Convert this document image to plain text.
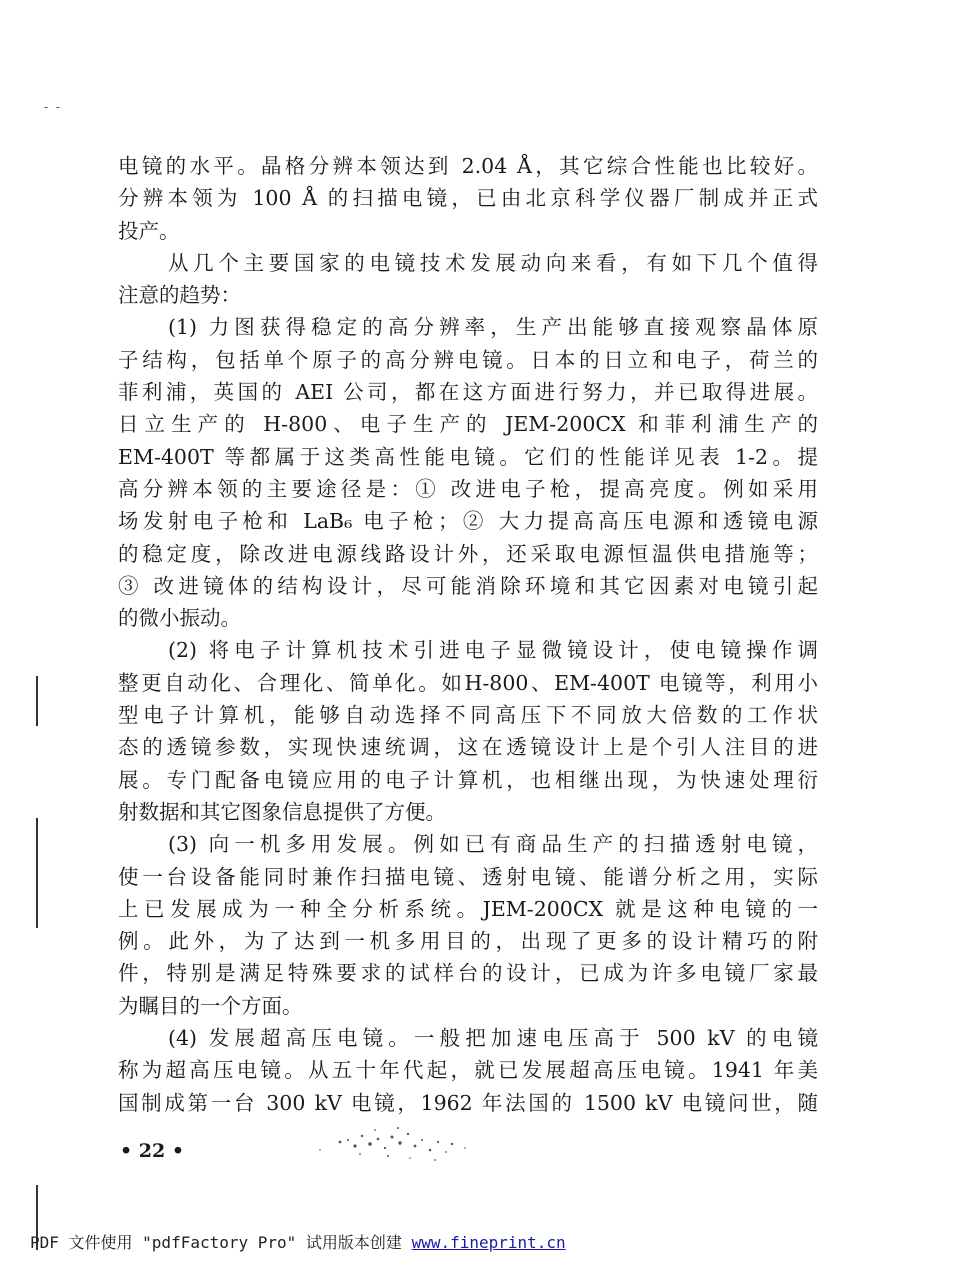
- -
电镜的水平。晶格分辨本领达到 2.04 Å，其它综合性能也比较好。
分辨本领为 100 Å 的扫描电镜，已由北京科学仪器厂制成并正式
投产。
从几个主要国家的电镜技术发展动向来看，有如下几个值得
注意的趋势：
(1) 力图获得稳定的高分辨率，生产出能够直接观察晶体原
子结构，包括单个原子的高分辨电镜。日本的日立和电子，荷兰的
菲利浦，英国的 AEI 公司，都在这方面进行努力，并已取得进展。
日立生产的 H-800、电子生产的 JEM-200CX 和菲利浦生产的
EM-400T 等都属于这类高性能电镜。它们的性能详见表 1-2。提
高分辨本领的主要途径是：① 改进电子枪，提高亮度。例如采用
场发射电子枪和 LaB₆ 电子枪；② 大力提高高压电源和透镜电源
的稳定度，除改进电源线路设计外，还采取电源恒温供电措施等；
③ 改进镜体的结构设计，尽可能消除环境和其它因素对电镜引起
的微小振动。
(2) 将电子计算机技术引进电子显微镜设计，使电镜操作调
整更自动化、合理化、简单化。如H-800、EM-400T 电镜等，利用小
型电子计算机，能够自动选择不同高压下不同放大倍数的工作状
态的透镜参数，实现快速统调，这在透镜设计上是个引人注目的进
展。专门配备电镜应用的电子计算机，也相继出现，为快速处理衍
射数据和其它图象信息提供了方便。
(3) 向一机多用发展。例如已有商品生产的扫描透射电镜，
使一台设备能同时兼作扫描电镜、透射电镜、能谱分析之用，实际
上已发展成为一种全分析系统。JEM-200CX 就是这种电镜的一
例。此外，为了达到一机多用目的，出现了更多的设计精巧的附
件，特别是满足特殊要求的试样台的设计，已成为许多电镜厂家最
为瞩目的一个方面。
(4) 发展超高压电镜。一般把加速电压高于 500 kV 的电镜
称为超高压电镜。从五十年代起，就已发展超高压电镜。1941 年美
国制成第一台 300 kV 电镜，1962 年法国的 1500 kV 电镜问世，随
• 22 •
PDF 文件使用 "pdfFactory Pro" 试用版本创建 www.fineprint.cn
